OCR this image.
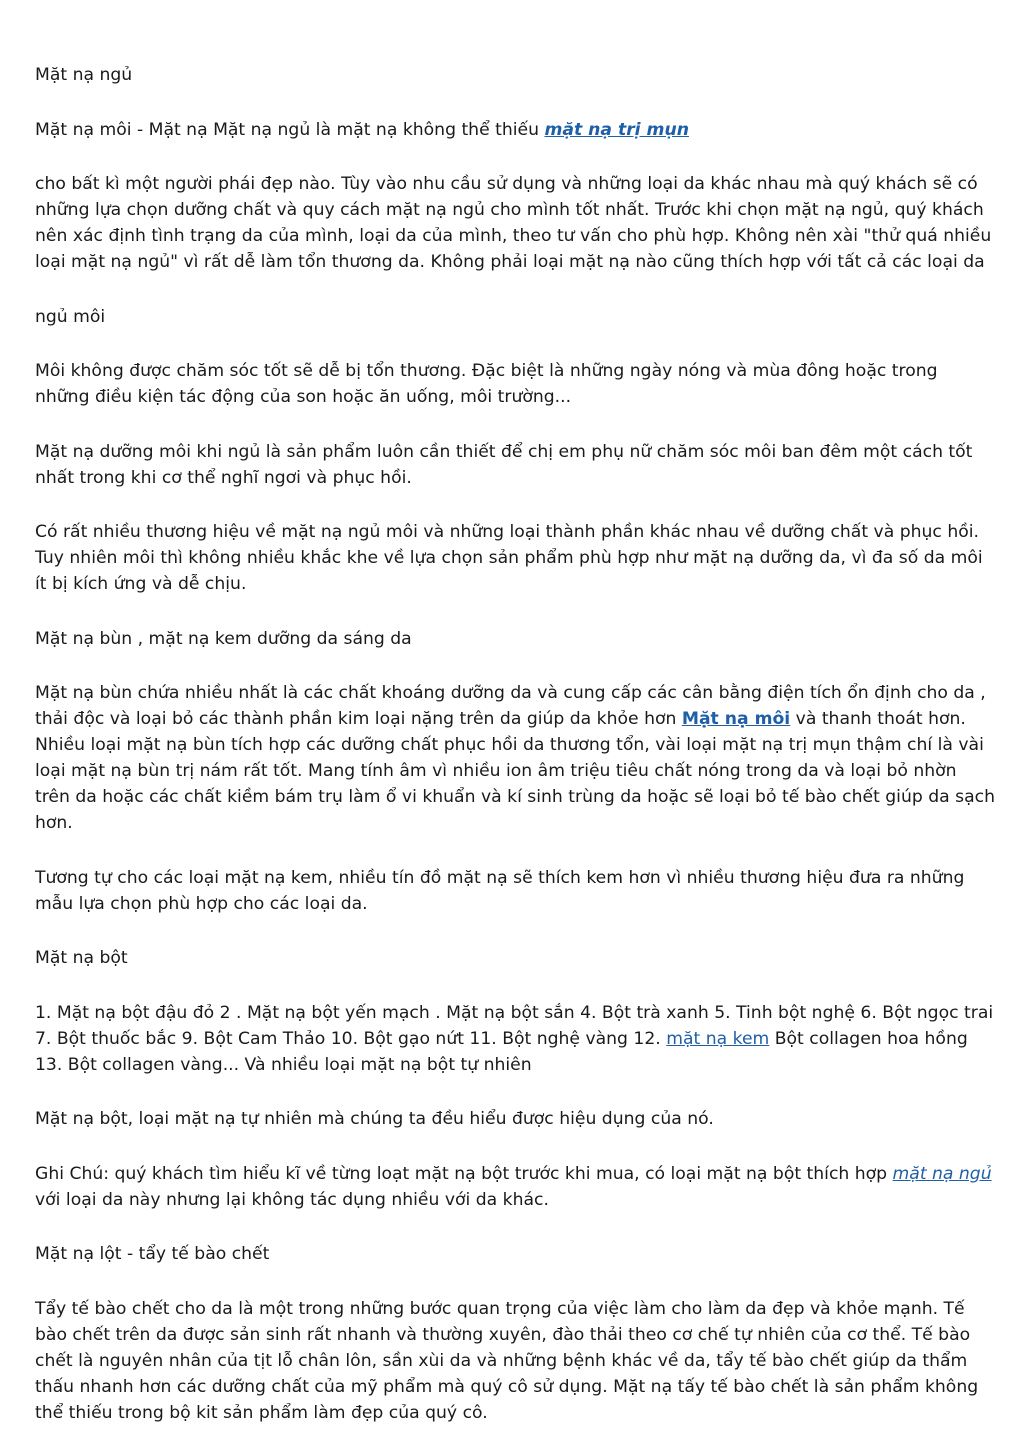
Mặt nạ ngủ

Mặt nạ môi - Mặt nạ Mặt nạ ngủ là mặt nạ không thể thiếu mặt nạ trị mụn

cho bất kì một người phái đẹp nào. Tùy vào nhu cầu sử dụng và những loại da khác nhau mà quý khách sẽ có những lựa chọn dưỡng chất và quy cách mặt nạ ngủ cho mình tốt nhất. Trước khi chọn mặt nạ ngủ, quý khách nên xác định tình trạng da của mình, loại da của mình, theo tư vấn cho phù hợp. Không nên xài "thử quá nhiều loại mặt nạ ngủ" vì rất dễ làm tổn thương da. Không phải loại mặt nạ nào cũng thích hợp với tất cả các loại da

ngủ môi

Môi không được chăm sóc tốt sẽ dễ bị tổn thương. Đặc biệt là những ngày nóng và mùa đông hoặc trong những điều kiện tác động của son hoặc ăn uống, môi trường...

Mặt nạ dưỡng môi khi ngủ là sản phẩm luôn cần thiết để chị em phụ nữ chăm sóc môi ban đêm một cách tốt nhất trong khi cơ thể nghĩ ngơi và phục hồi.

Có rất nhiều thương hiệu về mặt nạ ngủ môi và những loại thành phần khác nhau về dưỡng chất và phục hồi. Tuy nhiên môi thì không nhiều khắc khe về lựa chọn sản phẩm phù hợp như mặt nạ dưỡng da, vì đa số da môi ít bị kích ứng và dễ chịu.

Mặt nạ bùn , mặt nạ kem dưỡng da sáng da

Mặt nạ bùn chứa nhiều nhất là các chất khoáng dưỡng da và cung cấp các cân bằng điện tích ổn định cho da , thải độc và loại bỏ các thành phần kim loại nặng trên da giúp da khỏe hơn Mặt nạ môi và thanh thoát hơn. Nhiều loại mặt nạ bùn tích hợp các dưỡng chất phục hồi da thương tổn, vài loại mặt nạ trị mụn thậm chí là vài loại mặt nạ bùn trị nám rất tốt. Mang tính âm vì nhiều ion âm triệu tiêu chất nóng trong da và loại bỏ nhờn trên da hoặc các chất kiềm bám trụ làm ổ vi khuẩn và kí sinh trùng da hoặc sẽ loại bỏ tế bào chết giúp da sạch hơn.

Tương tự cho các loại mặt nạ kem, nhiều tín đồ mặt nạ sẽ thích kem hơn vì nhiều thương hiệu đưa ra những mẫu lựa chọn phù hợp cho các loại da.

Mặt nạ bột

1. Mặt nạ bột đậu đỏ 2 . Mặt nạ bột yến mạch . Mặt nạ bột sắn 4. Bột trà xanh 5. Tinh bột nghệ 6. Bột ngọc trai 7. Bột thuốc bắc 9. Bột Cam Thảo 10. Bột gạo nứt 11. Bột nghệ vàng 12. mặt nạ kem Bột collagen hoa hồng 13. Bột collagen vàng... Và nhiều loại mặt nạ bột tự nhiên

Mặt nạ bột, loại mặt nạ tự nhiên mà chúng ta đều hiểu được hiệu dụng của nó.

Ghi Chú: quý khách tìm hiểu kĩ về từng loạt mặt nạ bột trước khi mua, có loại mặt nạ bột thích hợp mặt nạ ngủ với loại da này nhưng lại không tác dụng nhiều với da khác.

Mặt nạ lột - tẩy tế bào chết

Tẩy tế bào chết cho da là một trong những bước quan trọng của việc làm cho làm da đẹp và khỏe mạnh. Tế bào chết trên da được sản sinh rất nhanh và thường xuyên, đào thải theo cơ chế tự nhiên của cơ thể. Tế bào chết là nguyên nhân của tịt lỗ chân lôn, sần xùi da và những bệnh khác về da, tẩy tế bào chết giúp da thẩm thấu nhanh hơn các dưỡng chất của mỹ phẩm mà quý cô sử dụng. Mặt nạ tấy tế bào chết là sản phẩm không thể thiếu trong bộ kit sản phẩm làm đẹp của quý cô.
